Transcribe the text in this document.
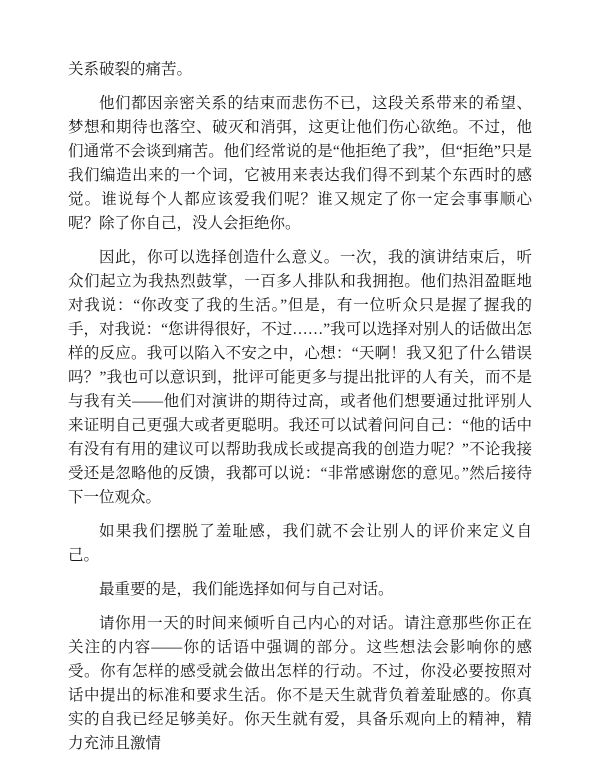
关系破裂的痛苦。

他们都因亲密关系的结束而悲伤不已，这段关系带来的希望、梦想和期待也落空、破灭和消弭，这更让他们伤心欲绝。不过，他们通常不会谈到痛苦。他们经常说的是“他拒绝了我”，但“拒绝”只是我们编造出来的一个词，它被用来表达我们得不到某个东西时的感觉。谁说每个人都应该爱我们呢？谁又规定了你一定会事事顺心呢？除了你自己，没人会拒绝你。

因此，你可以选择创造什么意义。一次，我的演讲结束后，听众们起立为我热烈鼓掌，一百多人排队和我拥抱。他们热泪盈眶地对我说：“你改变了我的生活。”但是，有一位听众只是握了握我的手，对我说：“您讲得很好，不过……”我可以选择对别人的话做出怎样的反应。我可以陷入不安之中，心想：“天啊！我又犯了什么错误吗？”我也可以意识到，批评可能更多与提出批评的人有关，而不是与我有关——他们对演讲的期待过高，或者他们想要通过批评别人来证明自己更强大或者更聪明。我还可以试着问问自己：“他的话中有没有有用的建议可以帮助我成长或提高我的创造力呢？”不论我接受还是忽略他的反馈，我都可以说：“非常感谢您的意见。”然后接待下一位观众。

如果我们摆脱了羞耻感，我们就不会让别人的评价来定义自己。

最重要的是，我们能选择如何与自己对话。

请你用一天的时间来倾听自己内心的对话。请注意那些你正在关注的内容——你的话语中强调的部分。这些想法会影响你的感受。你有怎样的感受就会做出怎样的行动。不过，你没必要按照对话中提出的标准和要求生活。你不是天生就背负着羞耻感的。你真实的自我已经足够美好。你天生就有爱，具备乐观向上的精神，精力充沛且激情
